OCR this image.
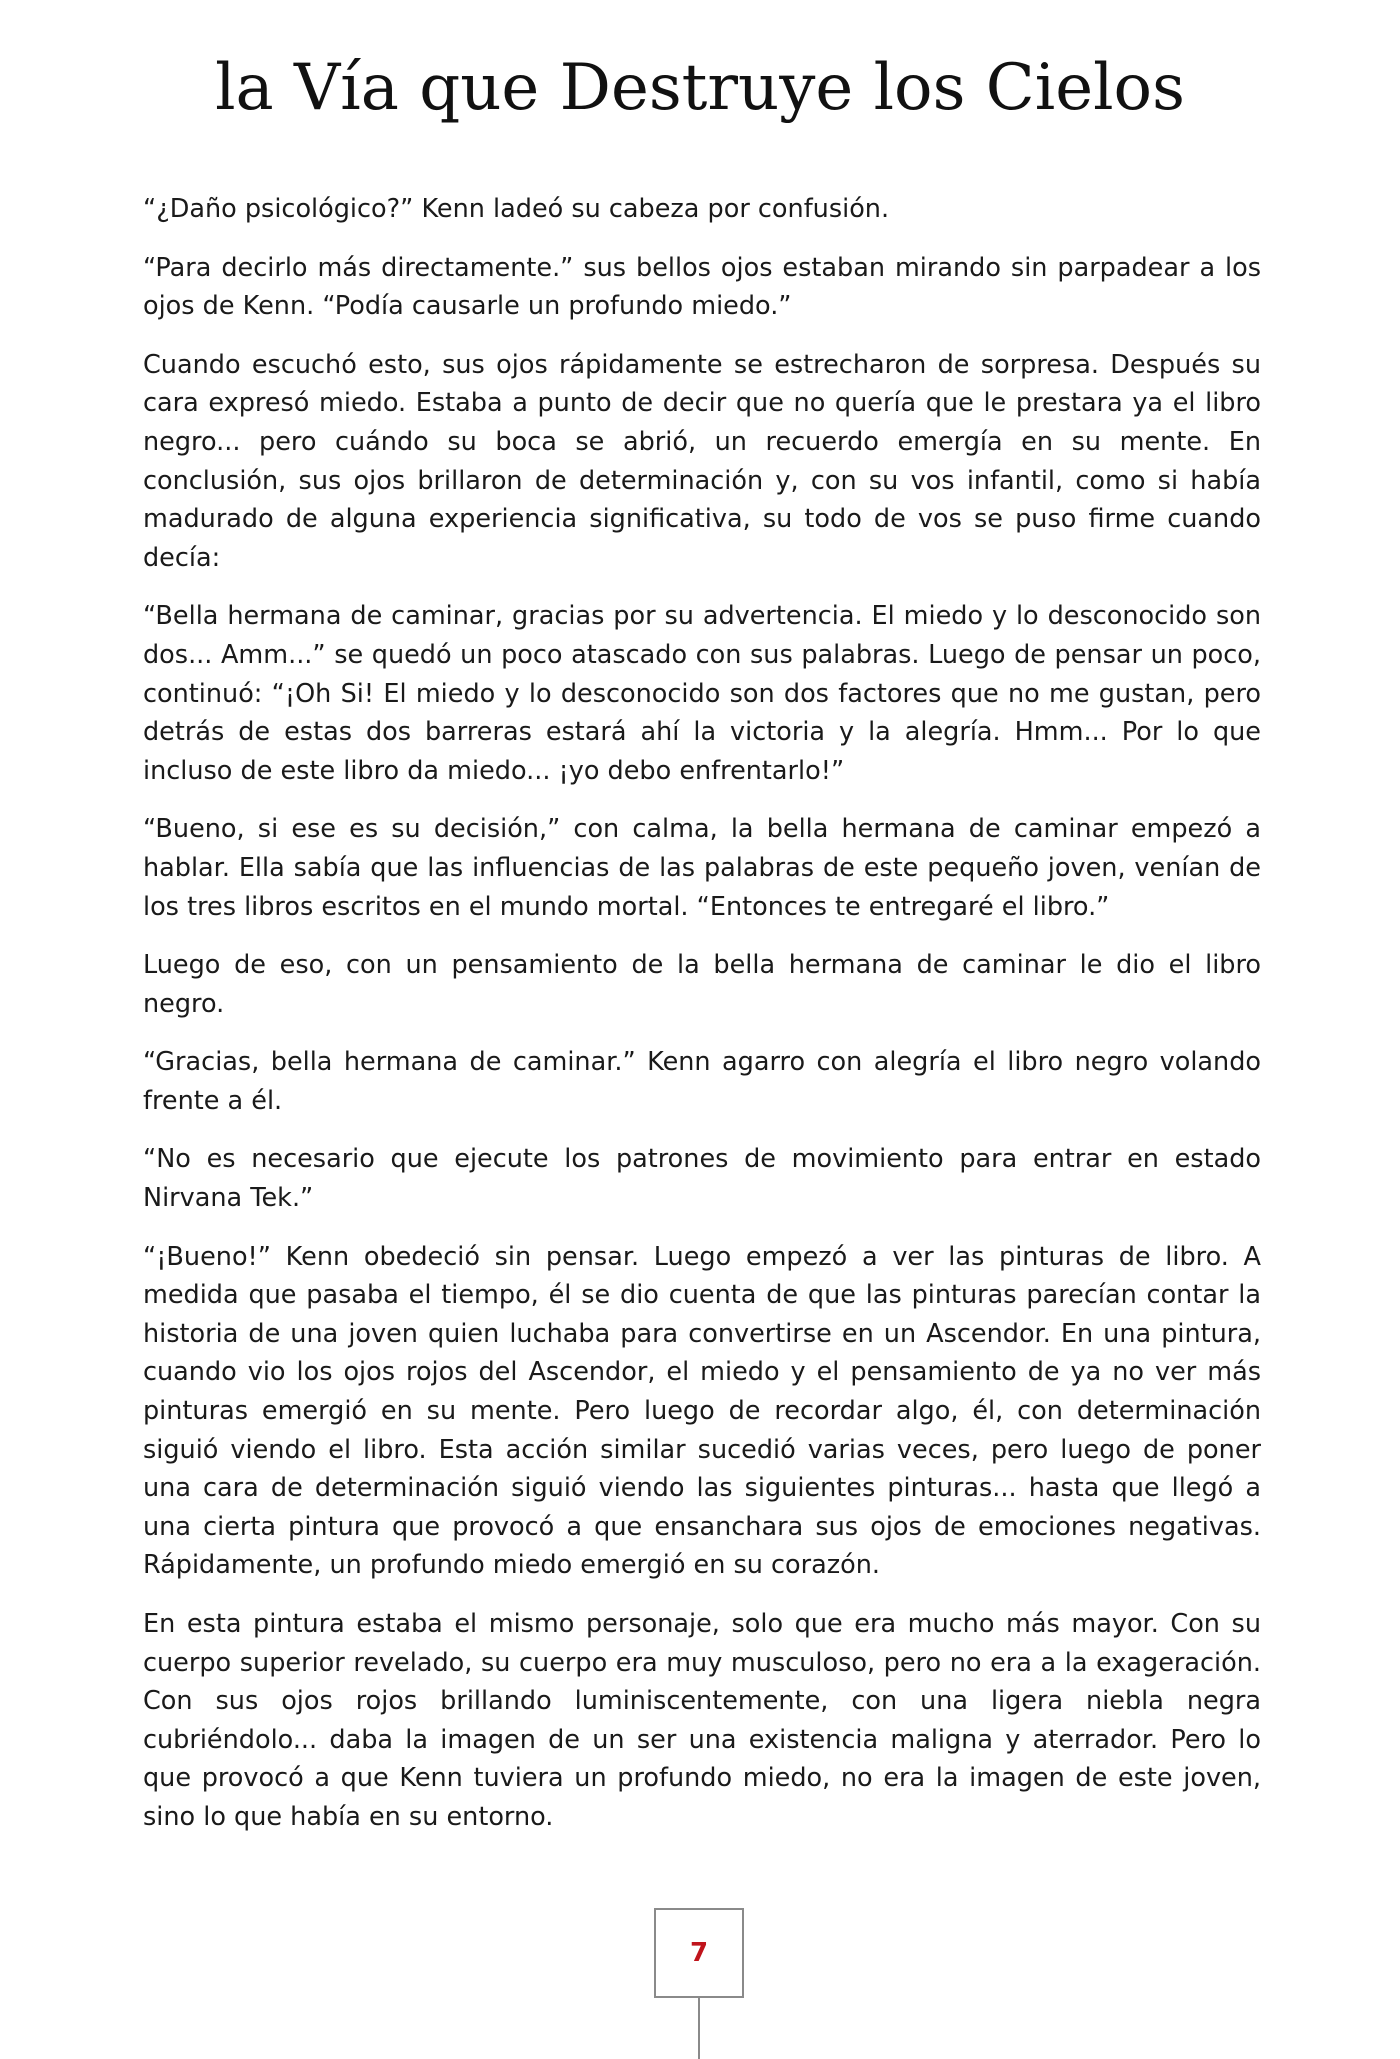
la Vía que Destruye los Cielos

“¿Daño psicológico?” Kenn ladeó su cabeza por confusión.

“Para decirlo más directamente.” sus bellos ojos estaban mirando sin parpadear a los ojos de Kenn. “Podía causarle un profundo miedo.”

Cuando escuchó esto, sus ojos rápidamente se estrecharon de sorpresa. Después su cara expresó miedo. Estaba a punto de decir que no quería que le prestara ya el libro negro... pero cuándo su boca se abrió, un recuerdo emergía en su mente. En conclusión, sus ojos brillaron de determinación y, con su vos infantil, como si había madurado de alguna experiencia significativa, su todo de vos se puso firme cuando decía:

“Bella hermana de caminar, gracias por su advertencia. El miedo y lo desconocido son dos... Amm...” se quedó un poco atascado con sus palabras. Luego de pensar un poco, continuó: “¡Oh Si! El miedo y lo desconocido son dos factores que no me gustan, pero detrás de estas dos barreras estará ahí la victoria y la alegría. Hmm... Por lo que incluso de este libro da miedo... ¡yo debo enfrentarlo!”

“Bueno, si ese es su decisión,” con calma, la bella hermana de caminar empezó a hablar. Ella sabía que las influencias de las palabras de este pequeño joven, venían de los tres libros escritos en el mundo mortal. “Entonces te entregaré el libro.”

Luego de eso, con un pensamiento de la bella hermana de caminar le dio el libro negro.

“Gracias, bella hermana de caminar.” Kenn agarro con alegría el libro negro volando frente a él.

“No es necesario que ejecute los patrones de movimiento para entrar en estado Nirvana Tek.”

“¡Bueno!” Kenn obedeció sin pensar. Luego empezó a ver las pinturas de libro. A medida que pasaba el tiempo, él se dio cuenta de que las pinturas parecían contar la historia de una joven quien luchaba para convertirse en un Ascendor. En una pintura, cuando vio los ojos rojos del Ascendor, el miedo y el pensamiento de ya no ver más pinturas emergió en su mente. Pero luego de recordar algo, él, con determinación siguió viendo el libro. Esta acción similar sucedió varias veces, pero luego de poner una cara de determinación siguió viendo las siguientes pinturas... hasta que llegó a una cierta pintura que provocó a que ensanchara sus ojos de emociones negativas. Rápidamente, un profundo miedo emergió en su corazón.

En esta pintura estaba el mismo personaje, solo que era mucho más mayor. Con su cuerpo superior revelado, su cuerpo era muy musculoso, pero no era a la exageración. Con sus ojos rojos brillando luminiscentemente, con una ligera niebla negra cubriéndolo... daba la imagen de un ser una existencia maligna y aterrador. Pero lo que provocó a que Kenn tuviera un profundo miedo, no era la imagen de este joven, sino lo que había en su entorno.

7
